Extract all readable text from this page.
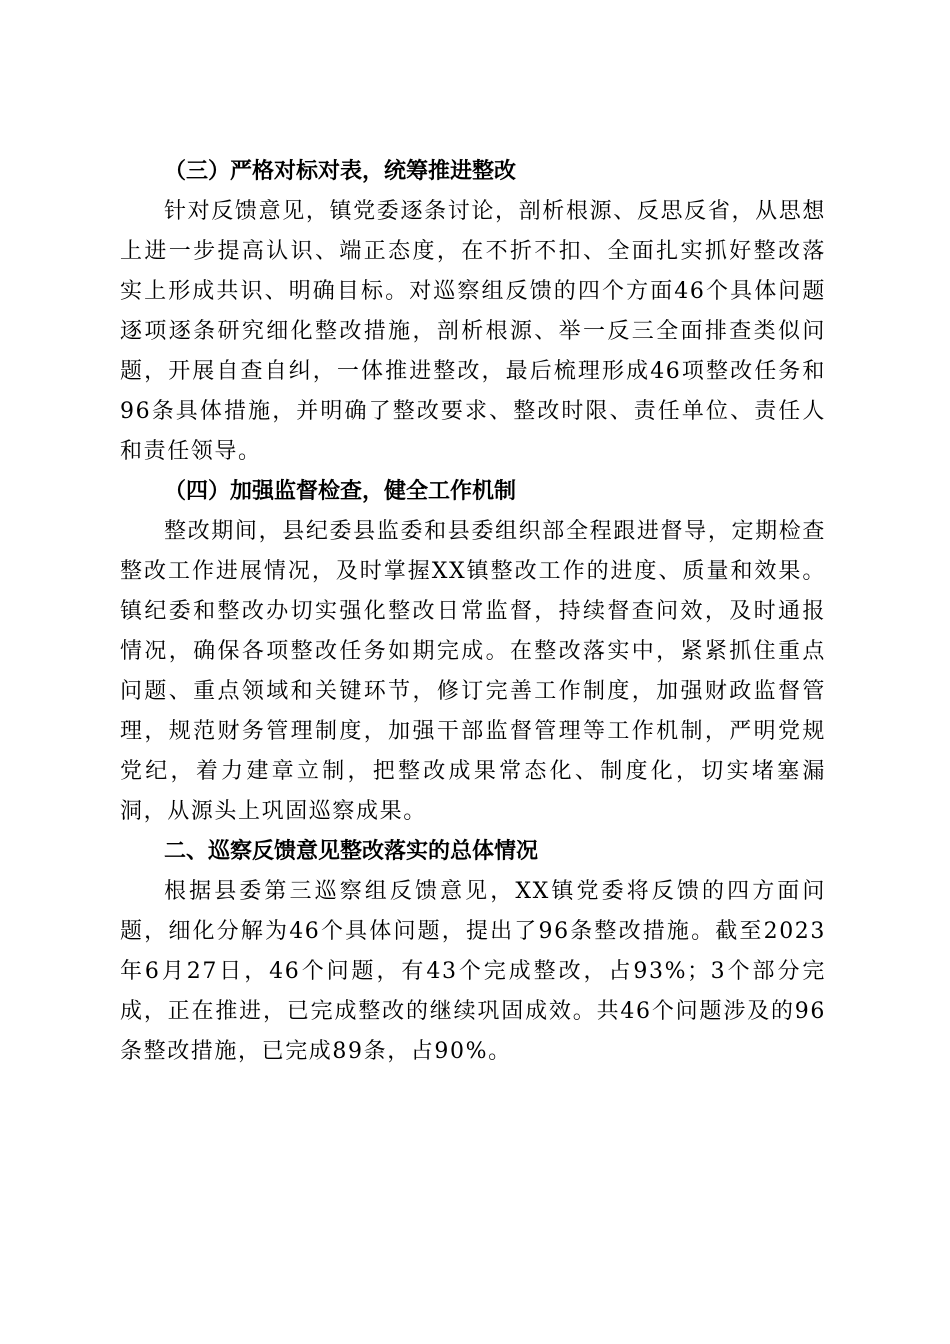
（三）严格对标对表，统筹推进整改

针对反馈意见，镇党委逐条讨论，剖析根源、反思反省，从思想上进一步提高认识、端正态度，在不折不扣、全面扎实抓好整改落实上形成共识、明确目标。对巡察组反馈的四个方面46个具体问题逐项逐条研究细化整改措施，剖析根源、举一反三全面排查类似问题，开展自查自纠，一体推进整改，最后梳理形成46项整改任务和96条具体措施，并明确了整改要求、整改时限、责任单位、责任人和责任领导。

（四）加强监督检查，健全工作机制

整改期间，县纪委县监委和县委组织部全程跟进督导，定期检查整改工作进展情况，及时掌握XX镇整改工作的进度、质量和效果。镇纪委和整改办切实强化整改日常监督，持续督查问效，及时通报情况，确保各项整改任务如期完成。在整改落实中，紧紧抓住重点问题、重点领域和关键环节，修订完善工作制度，加强财政监督管理，规范财务管理制度，加强干部监督管理等工作机制，严明党规党纪，着力建章立制，把整改成果常态化、制度化，切实堵塞漏洞，从源头上巩固巡察成果。

二、巡察反馈意见整改落实的总体情况

根据县委第三巡察组反馈意见，XX镇党委将反馈的四方面问题，细化分解为46个具体问题，提出了96条整改措施。截至2023年6月27日，46个问题，有43个完成整改，占93%；3个部分完成，正在推进，已完成整改的继续巩固成效。共46个问题涉及的96条整改措施，已完成89条，占90%。
